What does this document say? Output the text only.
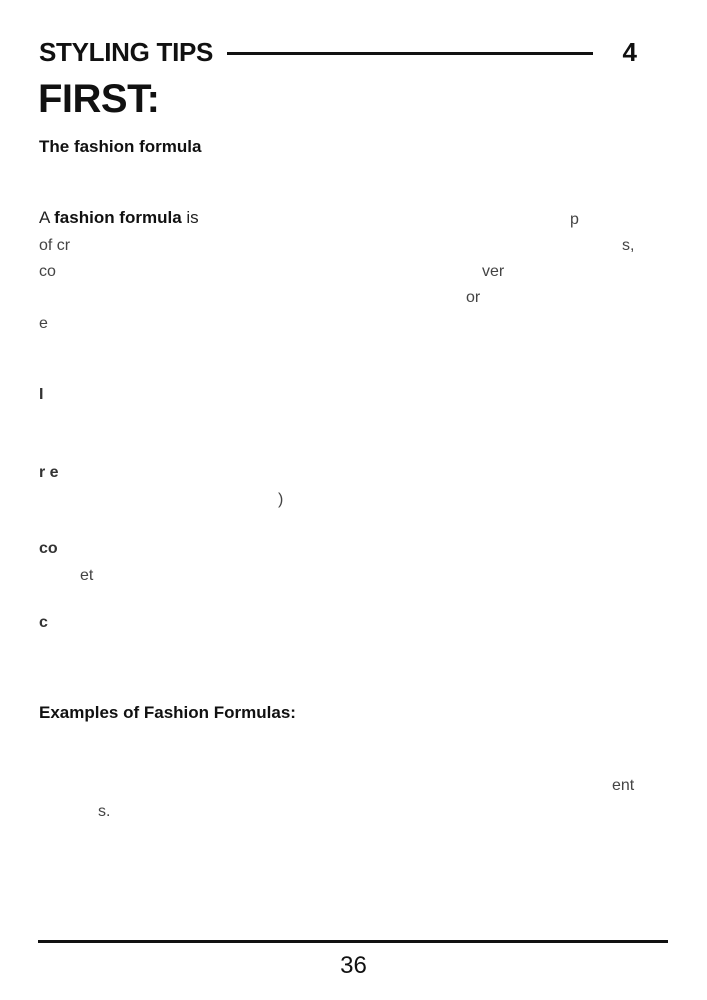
STYLING TIPS	4
FIRST:
The fashion formula
A fashion formula is	p
of cr	s,
co	ver
or
e
I
r e
)
co
et
c
Examples of Fashion Formulas:
ent
s.
36
